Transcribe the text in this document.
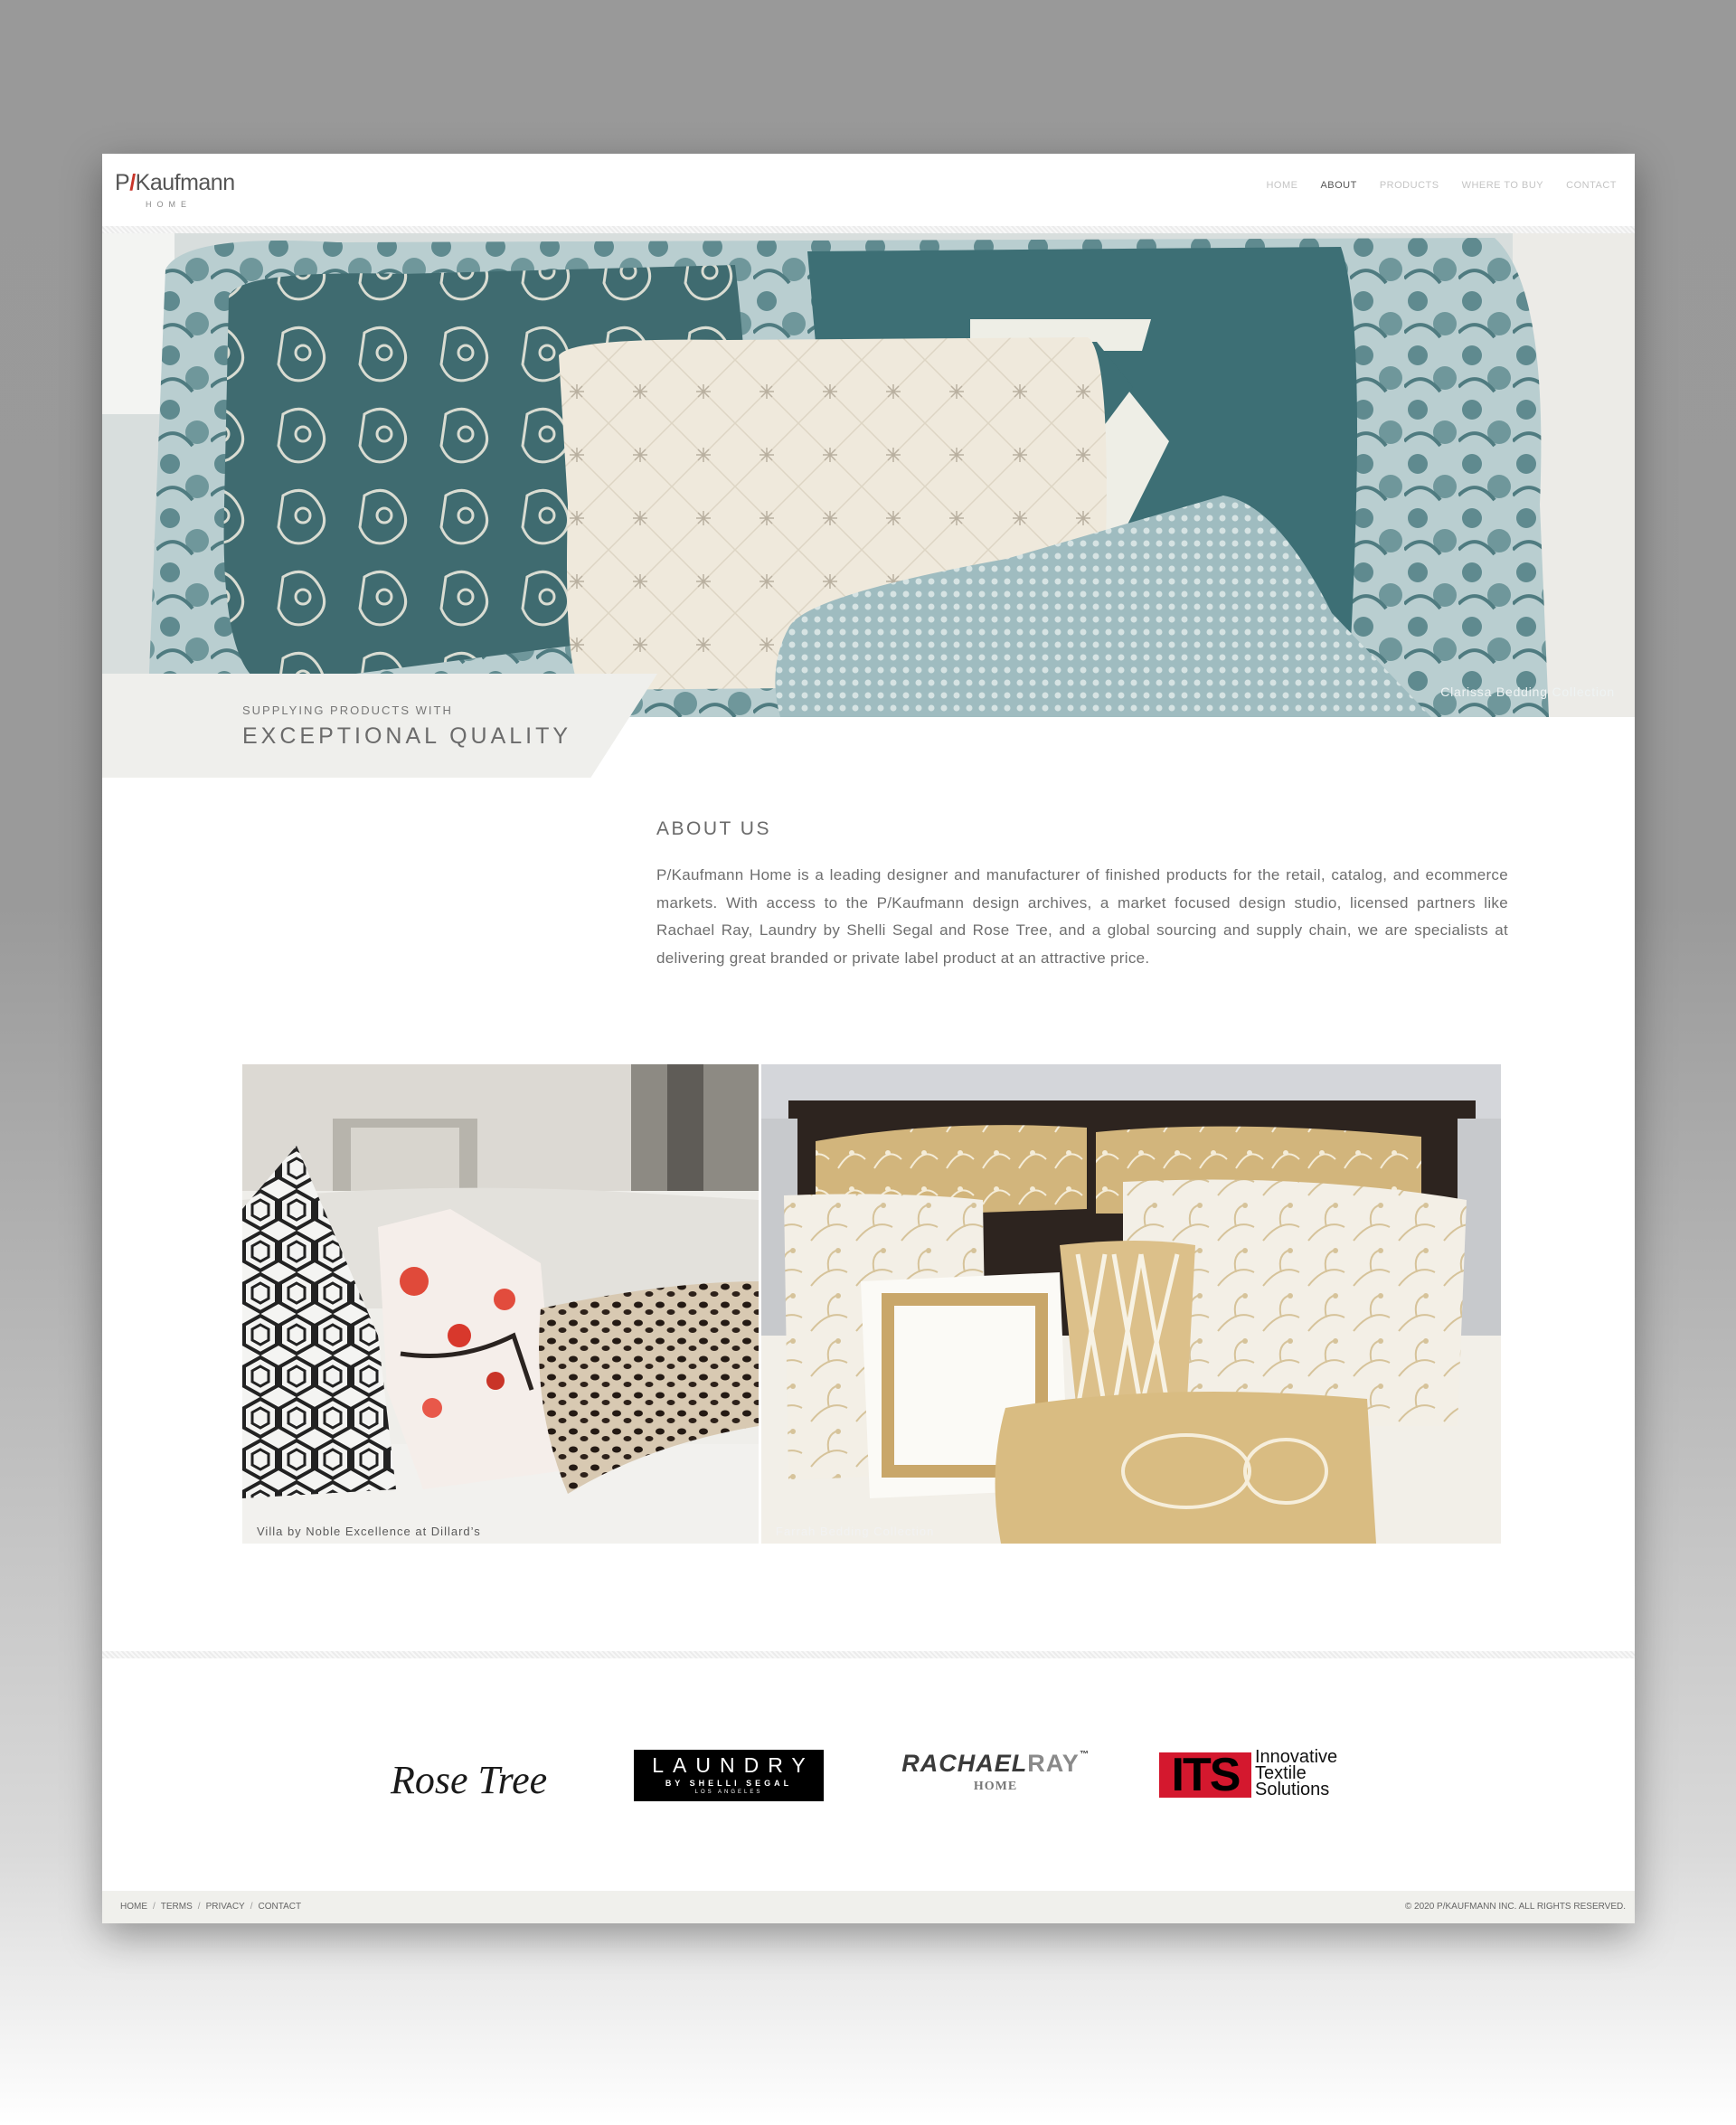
P/Kaufmann
HOME
HOME ABOUT PRODUCTS WHERE TO BUY CONTACT
Clarissa Bedding Collection
SUPPLYING PRODUCTS WITH
EXCEPTIONAL QUALITY
ABOUT US

P/Kaufmann Home is a leading designer and manufacturer of finished products for the retail, catalog, and ecommerce markets. With access to the P/Kaufmann design archives, a market focused design studio, licensed partners like Rachael Ray, Laundry by Shelli Segal and Rose Tree, and a global sourcing and supply chain, we are specialists at delivering great branded or private label product at an attractive price.

Villa by Noble Excellence at Dillard’s	Farrah Bedding Collection
Rose Tree	LAUNDRY
BY SHELLI SEGAL
LOS ANGELES
RACHAELRAY™
HOME	ITS Innovative
Textile
Solutions
HOME / TERMS / PRIVACY / CONTACT	© 2020 P/KAUFMANN INC. ALL RIGHTS RESERVED.
